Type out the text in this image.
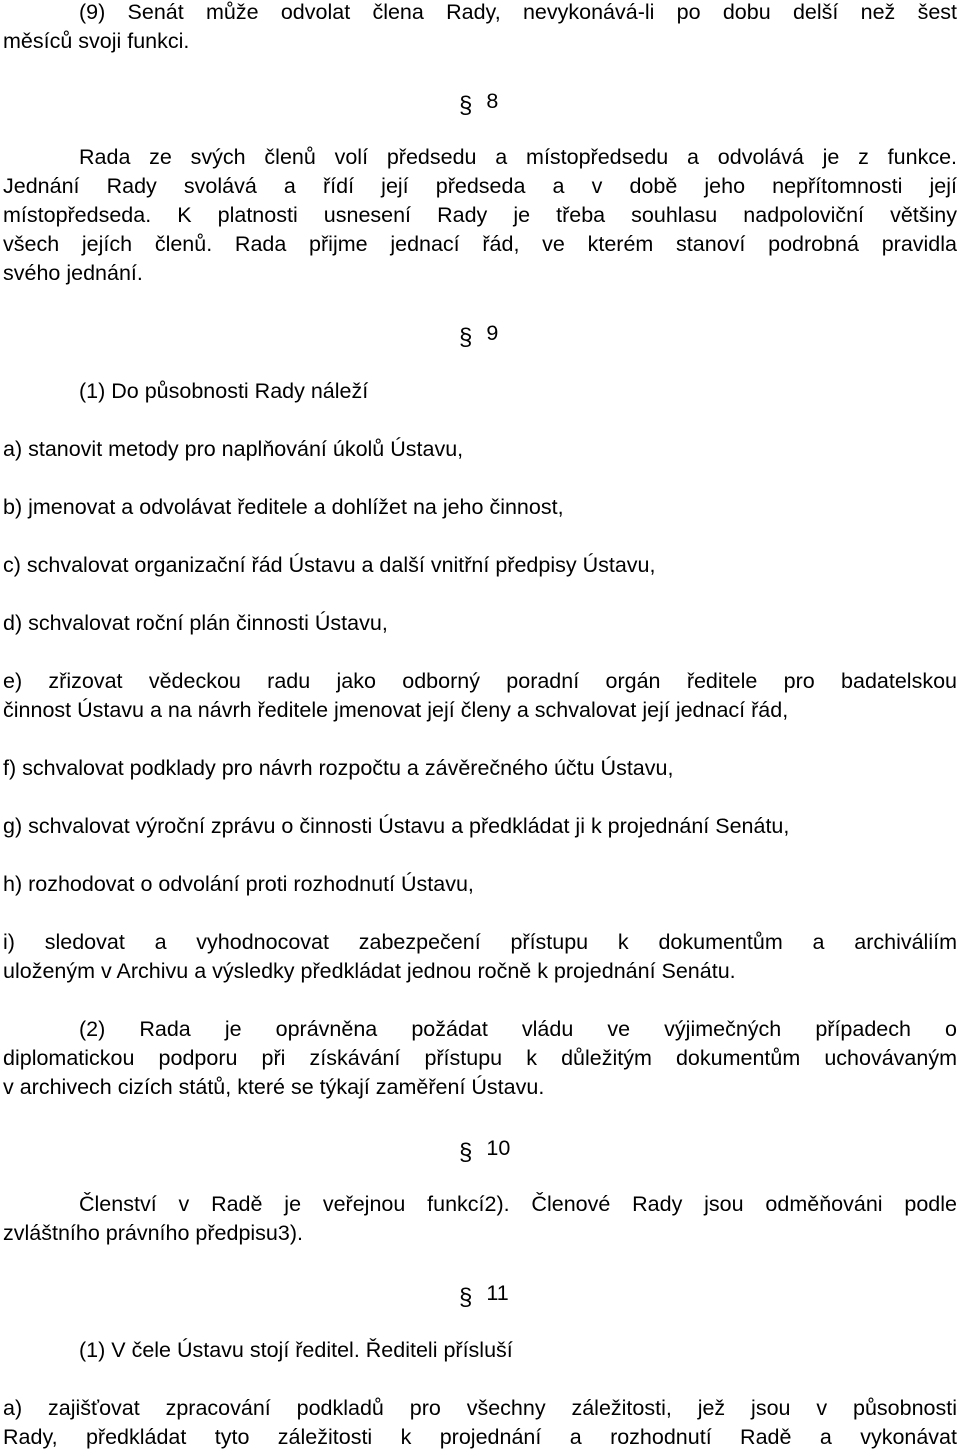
(9) Senát může odvolat člena Rady, nevykonává-li po dobu delší než šest
měsíců svoji funkci.
§ 8
Rada ze svých členů volí předsedu a místopředsedu a odvolává je z funkce.
Jednání Rady svolává a řídí její předseda a v době jeho nepřítomnosti její
místopředseda. K platnosti usnesení Rady je třeba souhlasu nadpoloviční většiny
všech jejích členů. Rada přijme jednací řád, ve kterém stanoví podrobná pravidla
svého jednání.
§ 9
(1) Do působnosti Rady náleží
a) stanovit metody pro naplňování úkolů Ústavu,
b) jmenovat a odvolávat ředitele a dohlížet na jeho činnost,
c) schvalovat organizační řád Ústavu a další vnitřní předpisy Ústavu,
d) schvalovat roční plán činnosti Ústavu,
e) zřizovat vědeckou radu jako odborný poradní orgán ředitele pro badatelskou
činnost Ústavu a na návrh ředitele jmenovat její členy a schvalovat její jednací řád,
f) schvalovat podklady pro návrh rozpočtu a závěrečného účtu Ústavu,
g) schvalovat výroční zprávu o činnosti Ústavu a předkládat ji k projednání Senátu,
h) rozhodovat o odvolání proti rozhodnutí Ústavu,
i) sledovat a vyhodnocovat zabezpečení přístupu k dokumentům a archiváliím
uloženým v Archivu a výsledky předkládat jednou ročně k projednání Senátu.
(2) Rada je oprávněna požádat vládu ve výjimečných případech o
diplomatickou podporu při získávání přístupu k důležitým dokumentům uchovávaným
v archivech cizích států, které se týkají zaměření Ústavu.
§ 10
Členství v Radě je veřejnou funkcí2). Členové Rady jsou odměňováni podle
zvláštního právního předpisu3).
§ 11
(1) V čele Ústavu stojí ředitel. Řediteli přísluší
a) zajišťovat zpracování podkladů pro všechny záležitosti, jež jsou v působnosti
Rady, předkládat tyto záležitosti k projednání a rozhodnutí Radě a vykonávat
